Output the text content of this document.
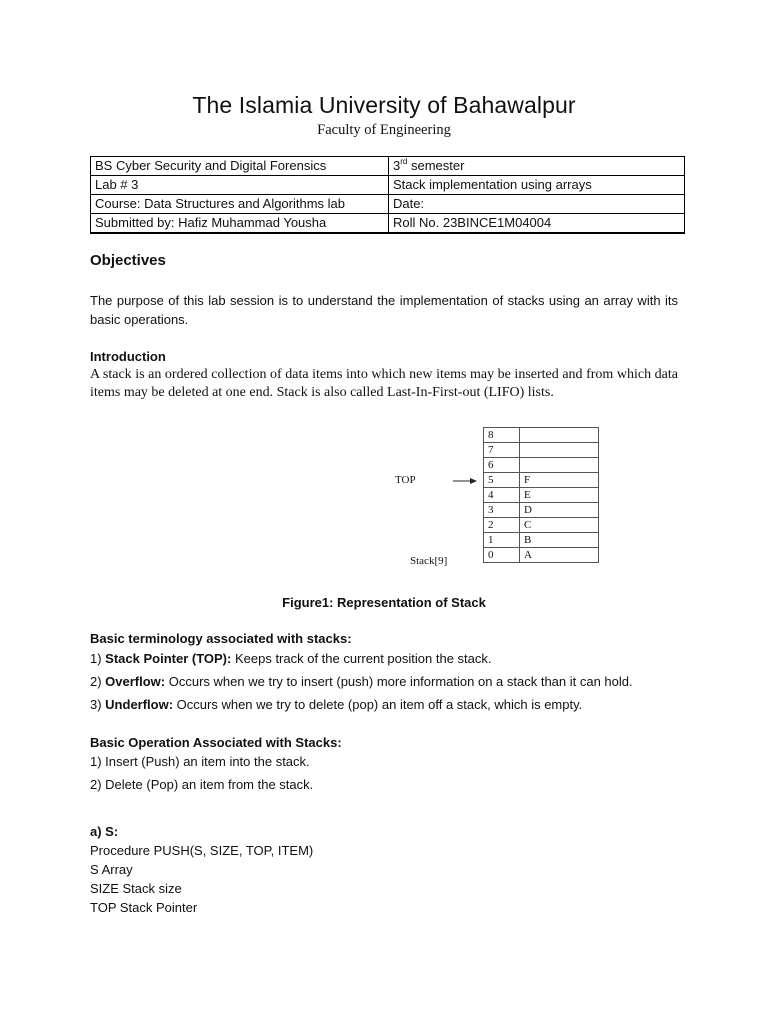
The Islamia University of Bahawalpur
Faculty of Engineering
BS Cyber Security and Digital Forensics	3rd semester
Lab # 3	Stack implementation using arrays
Course: Data Structures and Algorithms lab	Date:
Submitted by: Hafiz Muhammad Yousha	Roll No. 23BINCE1M04004
Objectives
The purpose of this lab session is to understand the implementation of stacks using an array with its basic operations.
Introduction
A stack is an ordered collection of data items into which new items may be inserted and from which data items may be deleted at one end. Stack is also called Last-In-First-out (LIFO) lists.
TOP
8	
7	
6	
5	F
4	E
3	D
2	C
1	B
0	A
Stack[9]
Figure1: Representation of Stack
Basic terminology associated with stacks:
1) Stack Pointer (TOP): Keeps track of the current position the stack.
2) Overflow: Occurs when we try to insert (push) more information on a stack than it can hold.
3) Underflow: Occurs when we try to delete (pop) an item off a stack, which is empty.
Basic Operation Associated with Stacks:
1) Insert (Push) an item into the stack.
2) Delete (Pop) an item from the stack.
a) S:
Procedure PUSH(S, SIZE, TOP, ITEM)
S Array
SIZE Stack size
TOP Stack Pointer
